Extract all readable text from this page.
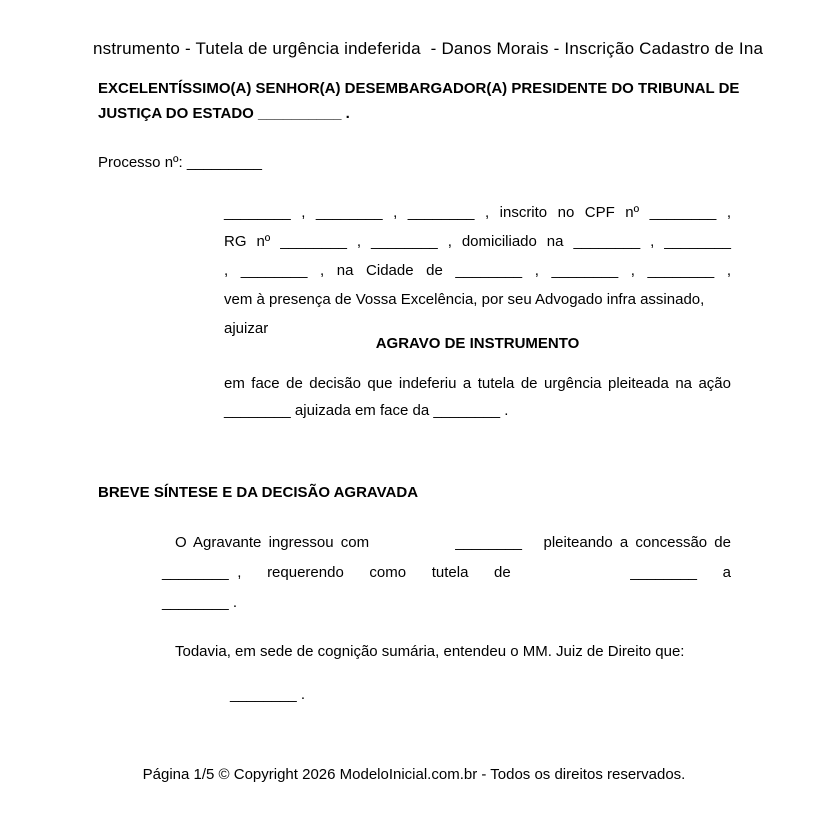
nstrumento - Tutela de urgência indeferida  - Danos Morais - Inscrição Cadastro de Ina
EXCELENTÍSSIMO(A) SENHOR(A) DESEMBARGADOR(A) PRESIDENTE DO TRIBUNAL DE
JUSTIÇA DO ESTADO __________ .
Processo nº: _________
________ , ________ , ________ , inscrito no CPF nº ________ ,
RG nº ________ , ________ , domiciliado na ________ , ________
, ________ , na Cidade de ________ , ________ , ________ ,
vem à presença de Vossa Excelência, por seu Advogado infra assinado, ajuizar
AGRAVO DE INSTRUMENTO
em face de decisão que indeferiu a tutela de urgência pleiteada na ação
________ ajuizada em face da ________ .
BREVE SÍNTESE E DA DECISÃO AGRAVADA
O Agravante ingressou com            ________   pleiteando a concessão de
________ ,   requerendo   como   tutela   de              ________   a
________ .
Todavia, em sede de cognição sumária, entendeu o MM. Juiz de Direito que:
________ .
Página 1/5 © Copyright 2026 ModeloInicial.com.br - Todos os direitos reservados.
